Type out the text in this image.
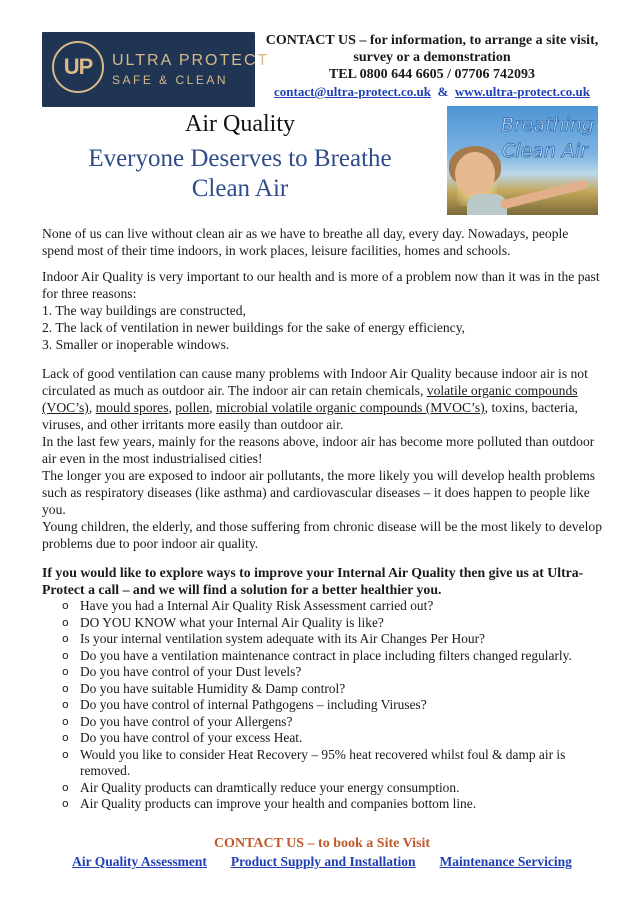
UP	ULTRA PROTECT
SAFE & CLEAN
CONTACT US – for information, to arrange a site visit,
survey or a demonstration
TEL 0800 644 6605 / 07706 742093
contact@ultra-protect.co.uk & www.ultra-protect.co.uk
Air Quality
Everyone Deserves to Breathe
Clean Air
Breathing
Clean Air

None of us can live without clean air as we have to breathe all day, every day. Nowadays, people spend most of their time indoors, in work places, leisure facilities, homes and schools.

Indoor Air Quality is very important to our health and is more of a problem now than it was in the past for three reasons:

1. The way buildings are constructed,

2. The lack of ventilation in newer buildings for the sake of energy efficiency,

3. Smaller or inoperable windows.

Lack of good ventilation can cause many problems with Indoor Air Quality because indoor air is not circulated as much as outdoor air. The indoor air can retain chemicals, volatile organic compounds (VOC’s), mould spores, pollen, microbial volatile organic compounds (MVOC’s), toxins, bacteria, viruses, and other irritants more easily than outdoor air.

In the last few years, mainly for the reasons above, indoor air has become more polluted than outdoor air even in the most industrialised cities!

The longer you are exposed to indoor air pollutants, the more likely you will develop health problems such as respiratory diseases (like asthma) and cardiovascular diseases – it does happen to people like you.

Young children, the elderly, and those suffering from chronic disease will be the most likely to develop problems due to poor indoor air quality.

If you would like to explore ways to improve your Internal Air Quality then give us at Ultra-Protect a call – and we will find a solution for a better healthier you.
o Have you had a Internal Air Quality Risk Assessment carried out?
o DO YOU KNOW what your Internal Air Quality is like?
o Is your internal ventilation system adequate with its Air Changes Per Hour?
o Do you have a ventilation maintenance contract in place including filters changed regularly.
o Do you have control of your Dust levels?
o Do you have suitable Humidity & Damp control?
o Do you have control of internal Pathgogens – including Viruses?
o Do you have control of your Allergens?
o Do you have control of your excess Heat.
o Would you like to consider Heat Recovery – 95% heat recovered whilst foul & damp air is removed.
o Air Quality products can dramtically reduce your energy consumption.
o Air Quality products can improve your health and companies bottom line.
CONTACT US – to book a Site Visit
Air Quality Assessment Product Supply and Installation Maintenance Servicing
